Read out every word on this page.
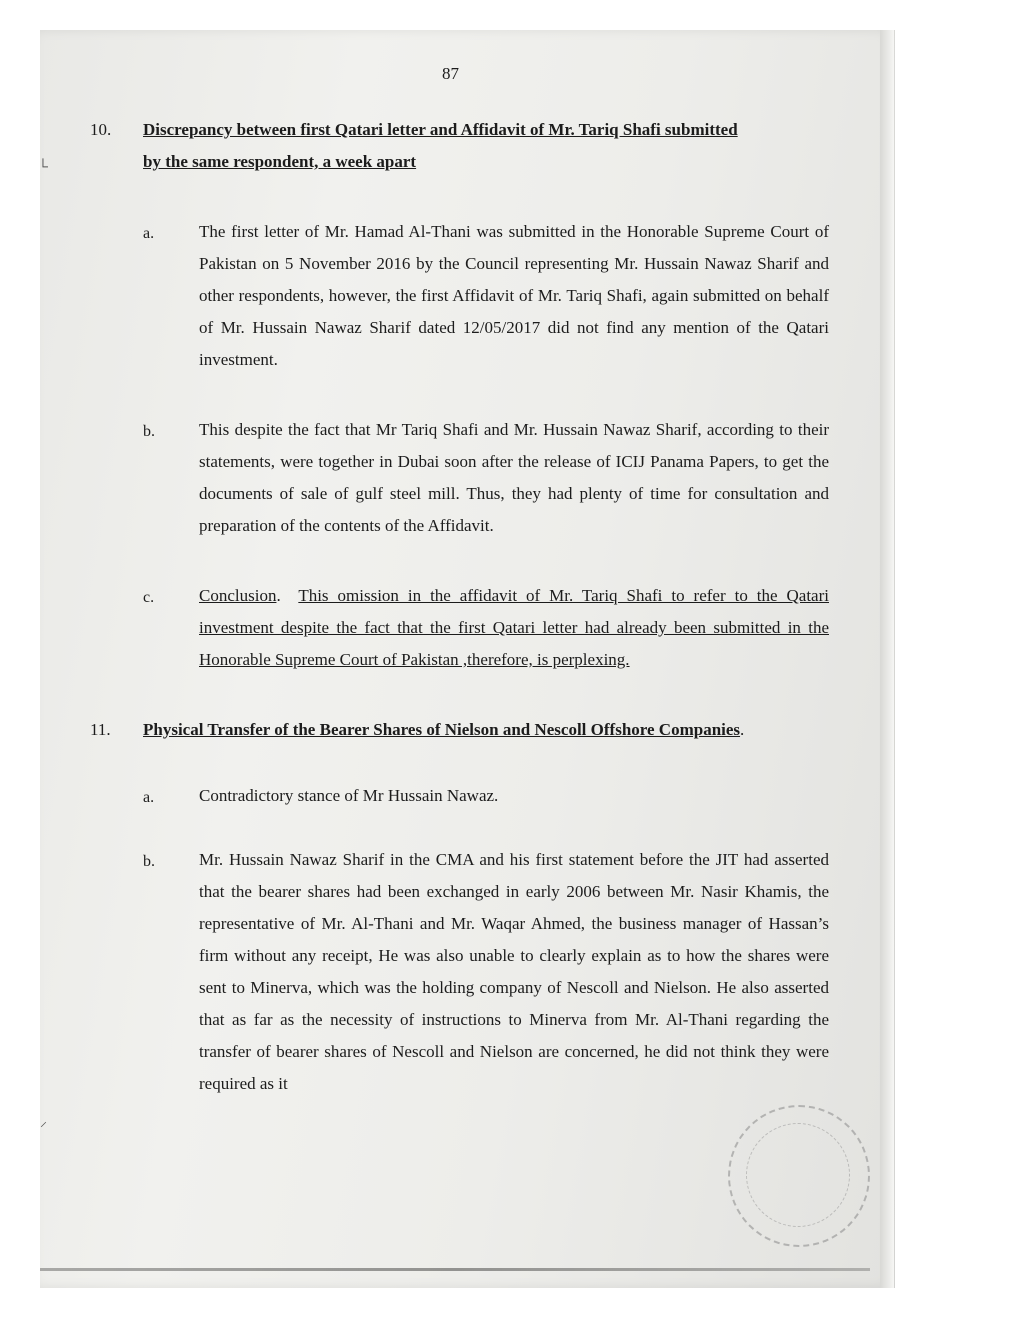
└
⸝
87
10. Discrepancy between first Qatari letter and Affidavit of Mr. Tariq Shafi submitted
by the same respondent, a week apart
a.	The first letter of Mr. Hamad Al-Thani was submitted in the Honorable Supreme Court of Pakistan on 5 November 2016 by the Council representing Mr. Hussain Nawaz Sharif and other respondents, however, the first Affidavit of Mr. Tariq Shafi, again submitted on behalf of Mr. Hussain Nawaz Sharif dated 12/05/2017 did not find any mention of the Qatari investment.
b.	This despite the fact that Mr Tariq Shafi and Mr. Hussain Nawaz Sharif, according to their statements, were together in Dubai soon after the release of ICIJ Panama Papers, to get the documents of sale of gulf steel mill. Thus, they had plenty of time for consultation and preparation of the contents of the Affidavit.
c.	Conclusion.  This omission in the affidavit of Mr. Tariq Shafi to refer to the Qatari investment despite the fact that the first Qatari letter had already been submitted in the Honorable Supreme Court of Pakistan ,therefore, is perplexing.
11. Physical Transfer of the Bearer Shares of Nielson and Nescoll Offshore Companies.
a.	Contradictory stance of Mr Hussain Nawaz.
b.	Mr. Hussain Nawaz Sharif in the CMA and his first statement before the JIT had asserted that the bearer shares had been exchanged in early 2006 between Mr. Nasir Khamis, the representative of Mr. Al-Thani and Mr. Waqar Ahmed, the business manager of Hassan’s firm without any receipt, He was also unable to clearly explain as to how the shares were sent to Minerva, which was the holding company of Nescoll and Nielson. He also asserted that as far as the necessity of instructions to Minerva from Mr. Al-Thani regarding the transfer of bearer shares of Nescoll and Nielson are concerned, he did not think they were required as it
